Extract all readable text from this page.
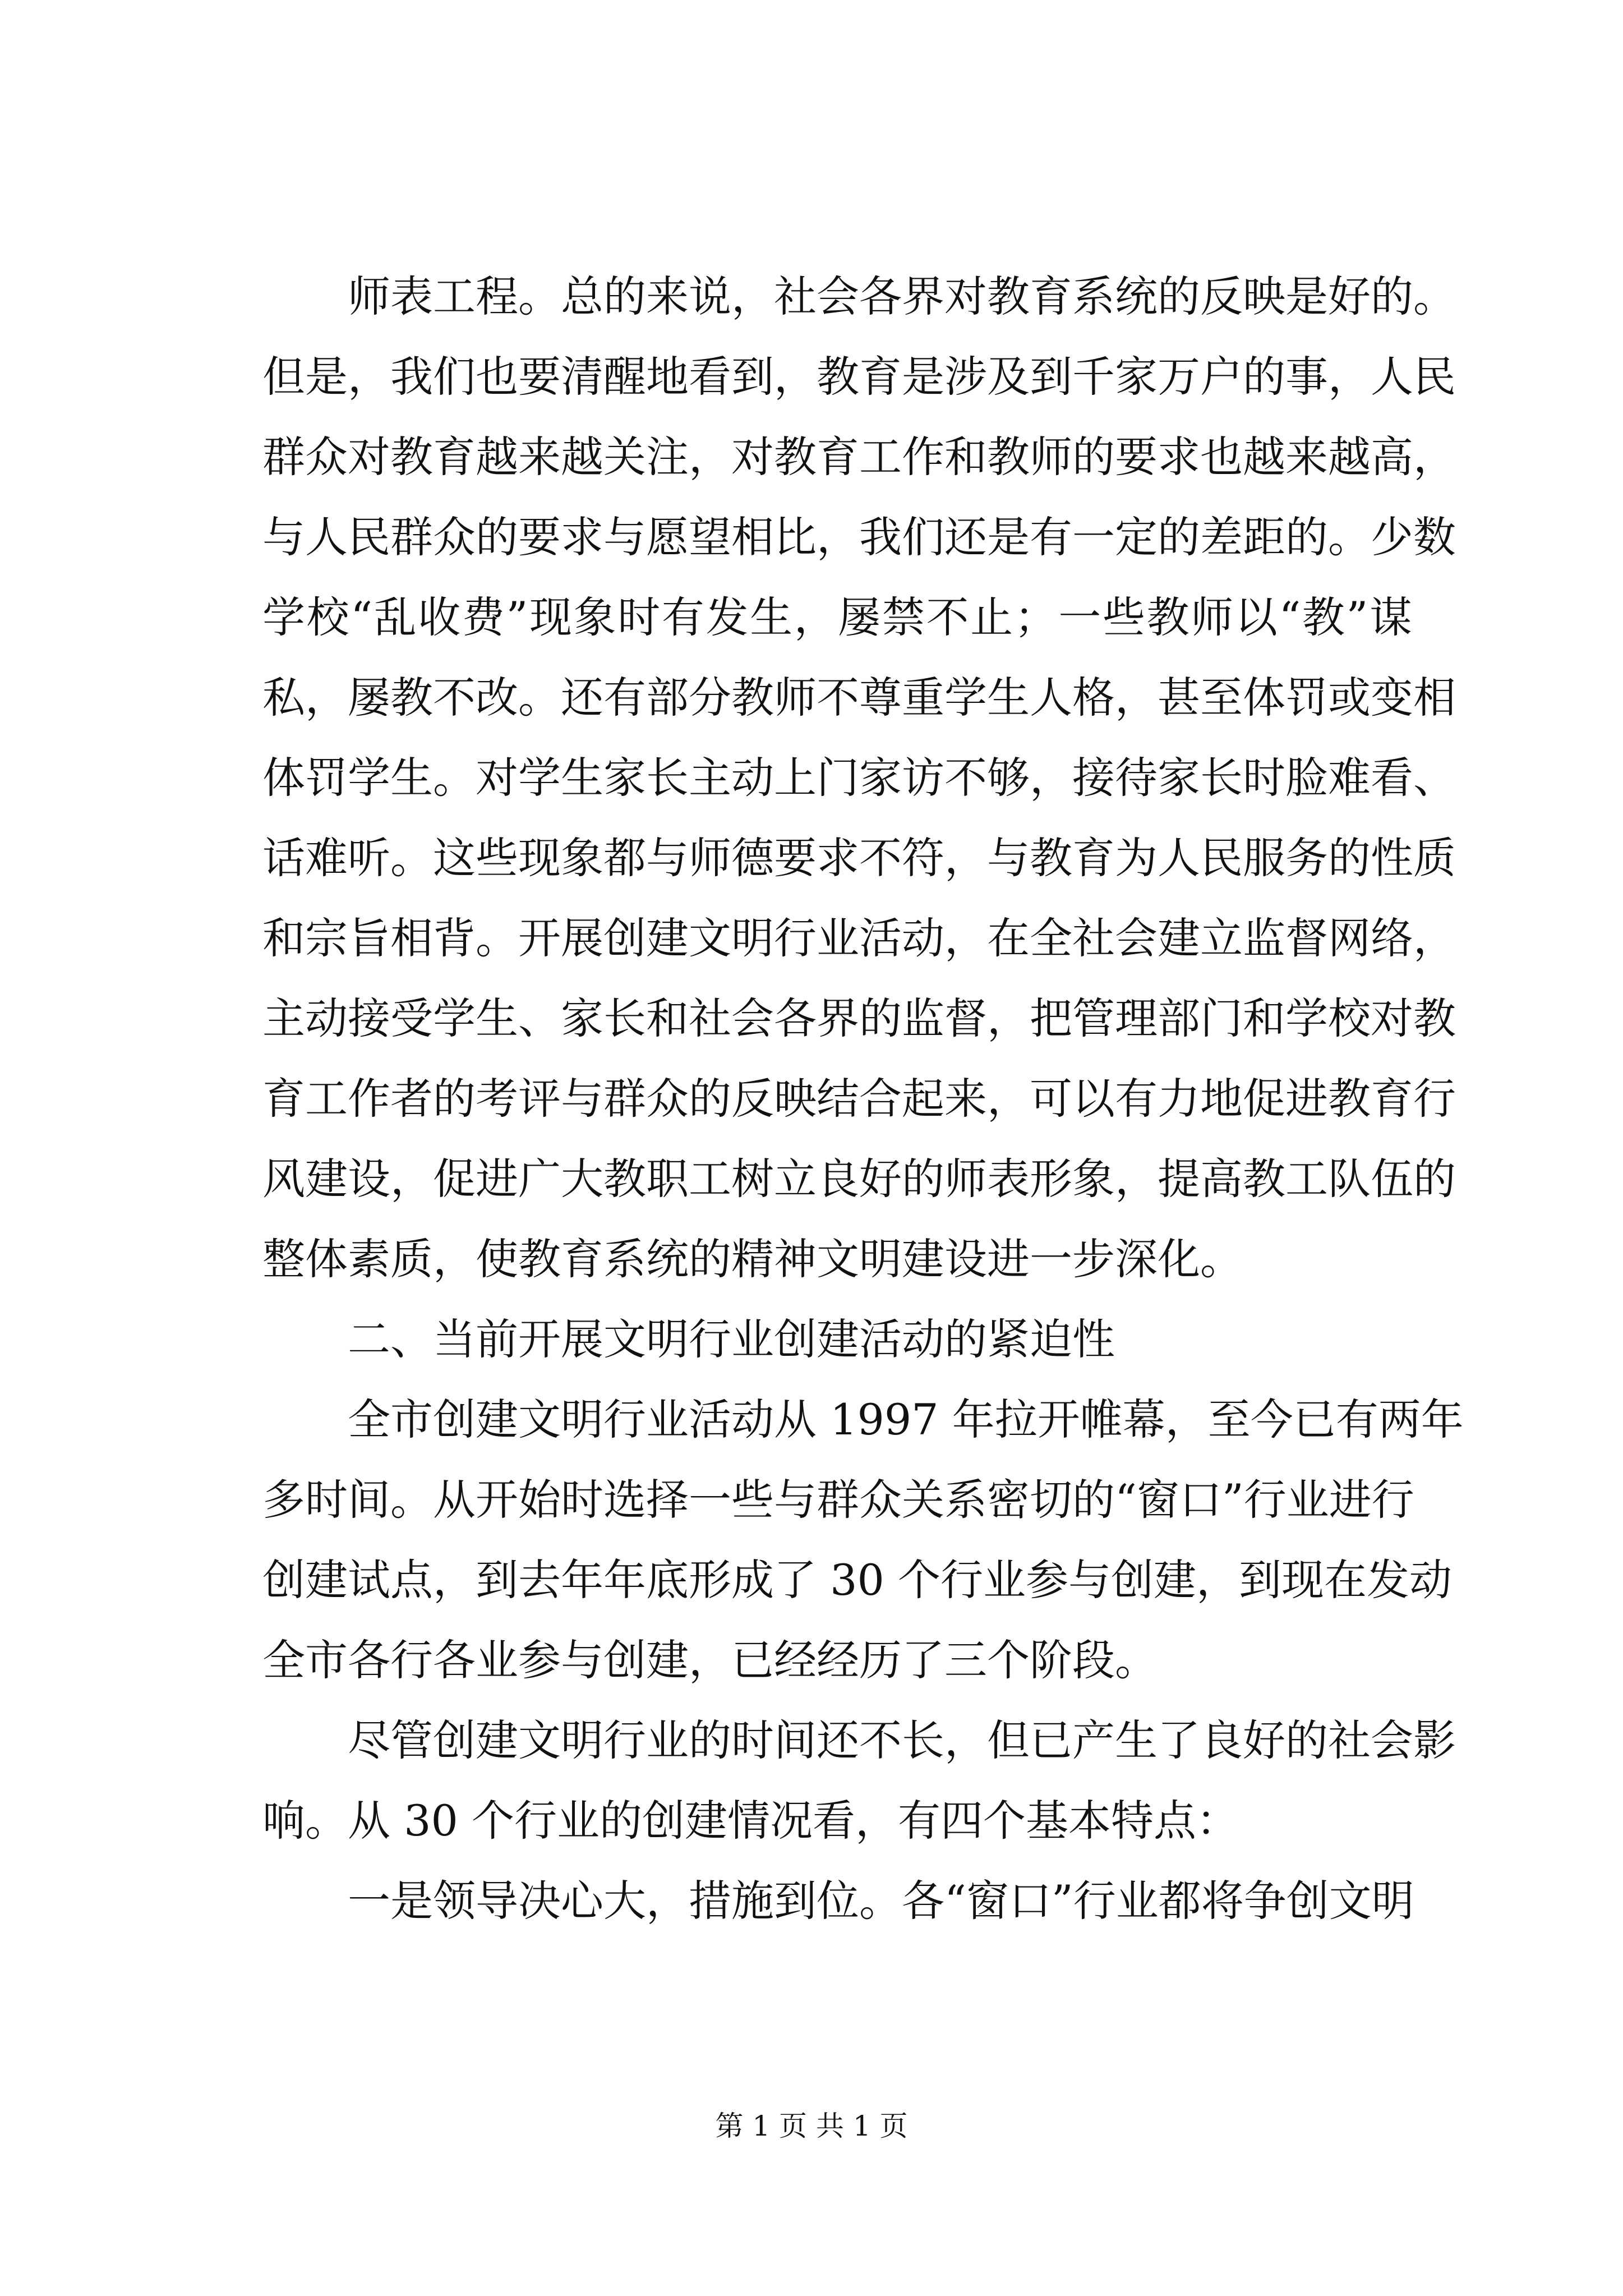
师表工程。总的来说，社会各界对教育系统的反映是好的。
但是，我们也要清醒地看到，教育是涉及到千家万户的事，人民
群众对教育越来越关注，对教育工作和教师的要求也越来越高，
与人民群众的要求与愿望相比，我们还是有一定的差距的。少数
学校“乱收费”现象时有发生，屡禁不止；一些教师以“教”谋
私，屡教不改。还有部分教师不尊重学生人格，甚至体罚或变相
体罚学生。对学生家长主动上门家访不够，接待家长时脸难看、
话难听。这些现象都与师德要求不符，与教育为人民服务的性质
和宗旨相背。开展创建文明行业活动，在全社会建立监督网络，
主动接受学生、家长和社会各界的监督，把管理部门和学校对教
育工作者的考评与群众的反映结合起来，可以有力地促进教育行
风建设，促进广大教职工树立良好的师表形象，提高教工队伍的
整体素质，使教育系统的精神文明建设进一步深化。
二、当前开展文明行业创建活动的紧迫性
全市创建文明行业活动从 1997 年拉开帷幕，至今已有两年
多时间。从开始时选择一些与群众关系密切的“窗口”行业进行
创建试点，到去年年底形成了 30 个行业参与创建，到现在发动
全市各行各业参与创建，已经经历了三个阶段。
尽管创建文明行业的时间还不长，但已产生了良好的社会影
响。从 30 个行业的创建情况看，有四个基本特点：
一是领导决心大，措施到位。各“窗口”行业都将争创文明
第 1 页 共 1 页
